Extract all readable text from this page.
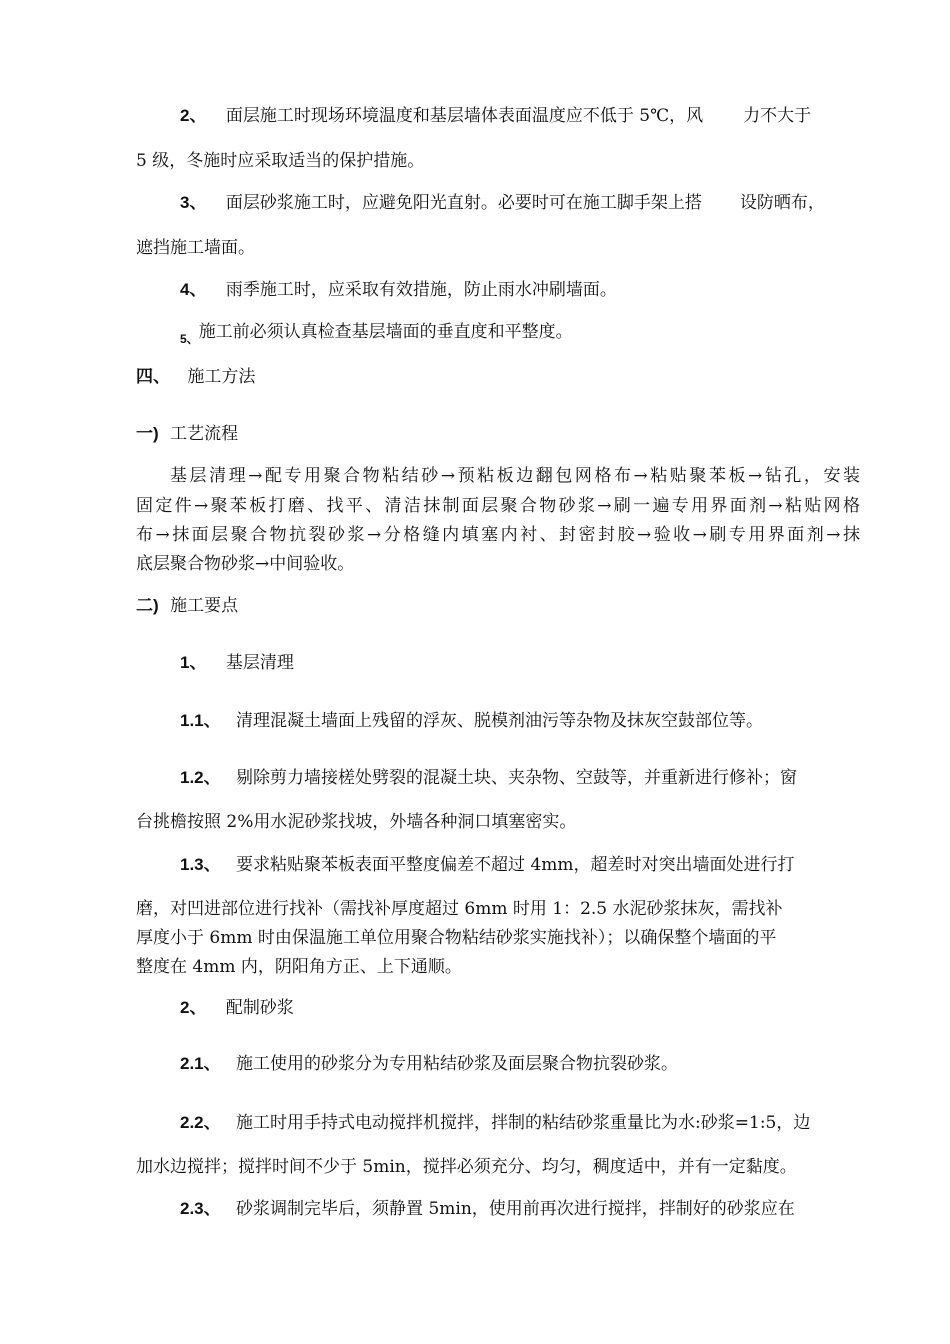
2、 面层施工时现场环境温度和基层墙体表面温度应不低于 5℃，风 力不大于
5 级，冬施时应采取适当的保护措施。
3、 面层砂浆施工时，应避免阳光直射。必要时可在施工脚手架上搭 设防晒布，
遮挡施工墙面。
4、 雨季施工时，应采取有效措施，防止雨水冲刷墙面。
5、施工前必须认真检查基层墙面的垂直度和平整度。
四、 施工方法
一) 工艺流程
基层清理→配专用聚合物粘结砂→预粘板边翻包网格布→粘贴聚苯板→钻孔，安装
固定件→聚苯板打磨、找平、清洁抹制面层聚合物砂浆→刷一遍专用界面剂→粘贴网格
布→抹面层聚合物抗裂砂浆→分格缝内填塞内衬、封密封胶→验收→刷专用界面剂→抹
底层聚合物砂浆→中间验收。
二) 施工要点
1、 基层清理
1.1、 清理混凝土墙面上残留的浮灰、脱模剂油污等杂物及抹灰空鼓部位等。
1.2、 剔除剪力墙接槎处劈裂的混凝土块、夹杂物、空鼓等，并重新进行修补；窗
台挑檐按照 2%用水泥砂浆找坡，外墙各种洞口填塞密实。
1.3、 要求粘贴聚苯板表面平整度偏差不超过 4mm，超差时对突出墙面处进行打
磨，对凹进部位进行找补（需找补厚度超过 6mm 时用 1：2.5 水泥砂浆抹灰，需找补
厚度小于 6mm 时由保温施工单位用聚合物粘结砂浆实施找补）；以确保整个墙面的平
整度在 4mm 内，阴阳角方正、上下通顺。
2、 配制砂浆
2.1、 施工使用的砂浆分为专用粘结砂浆及面层聚合物抗裂砂浆。
2.2、 施工时用手持式电动搅拌机搅拌，拌制的粘结砂浆重量比为水:砂浆=1:5，边
加水边搅拌；搅拌时间不少于 5min，搅拌必须充分、均匀，稠度适中，并有一定黏度。
2.3、 砂浆调制完毕后，须静置 5min，使用前再次进行搅拌，拌制好的砂浆应在
